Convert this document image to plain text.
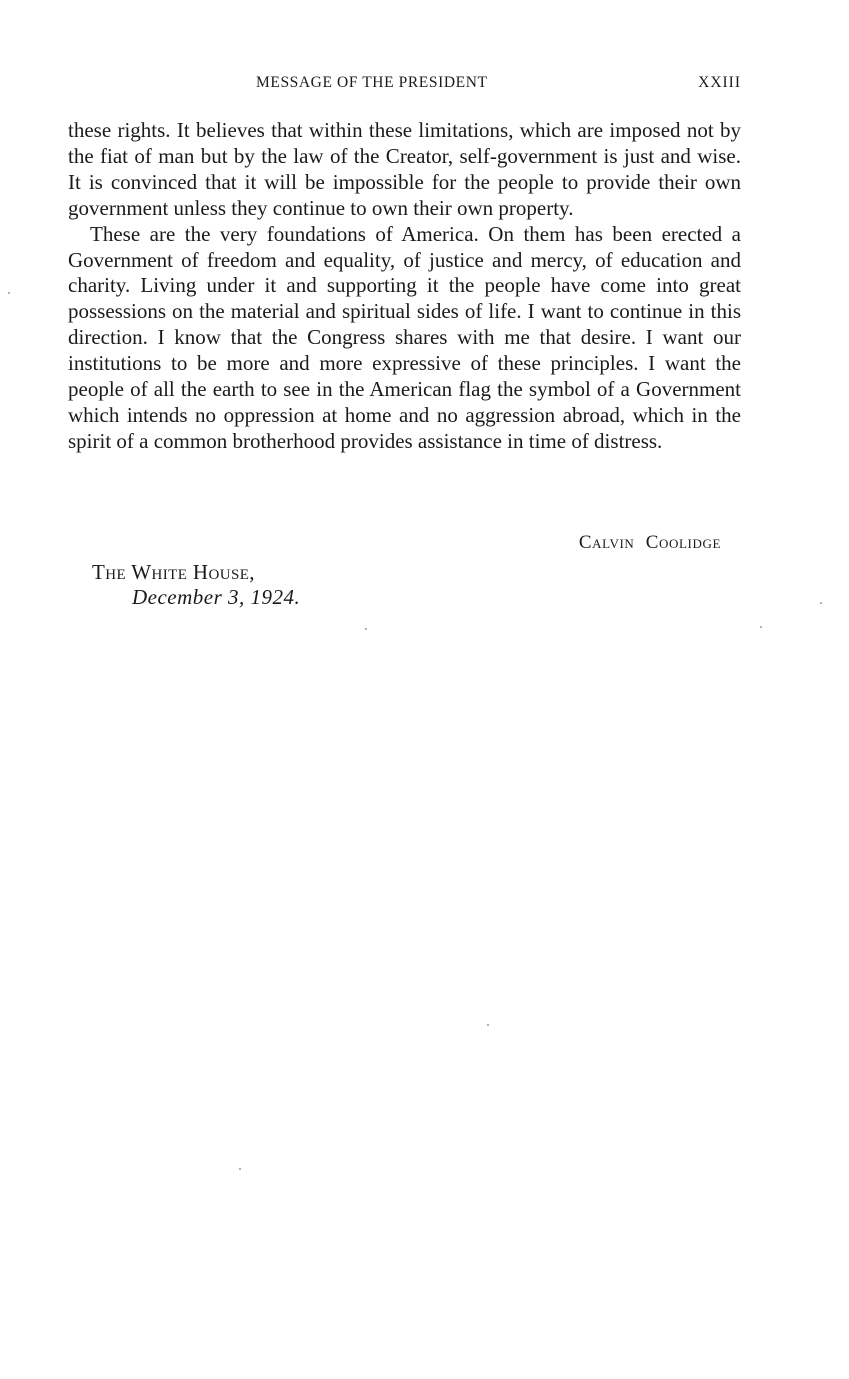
MESSAGE OF THE PRESIDENT	XXIII

these rights. It believes that within these limitations, which are imposed not by the fiat of man but by the law of the Creator, self-government is just and wise. It is convinced that it will be impossible for the people to provide their own government unless they continue to own their own property.

These are the very foundations of America. On them has been erected a Government of freedom and equality, of justice and mercy, of education and charity. Living under it and supporting it the people have come into great possessions on the material and spiritual sides of life. I want to continue in this direction. I know that the Congress shares with me that desire. I want our institutions to be more and more expressive of these principles. I want the people of all the earth to see in the American flag the symbol of a Government which intends no oppression at home and no aggression abroad, which in the spirit of a common brotherhood provides assistance in time of distress.

Calvin Coolidge
The White House,
December 3, 1924.
